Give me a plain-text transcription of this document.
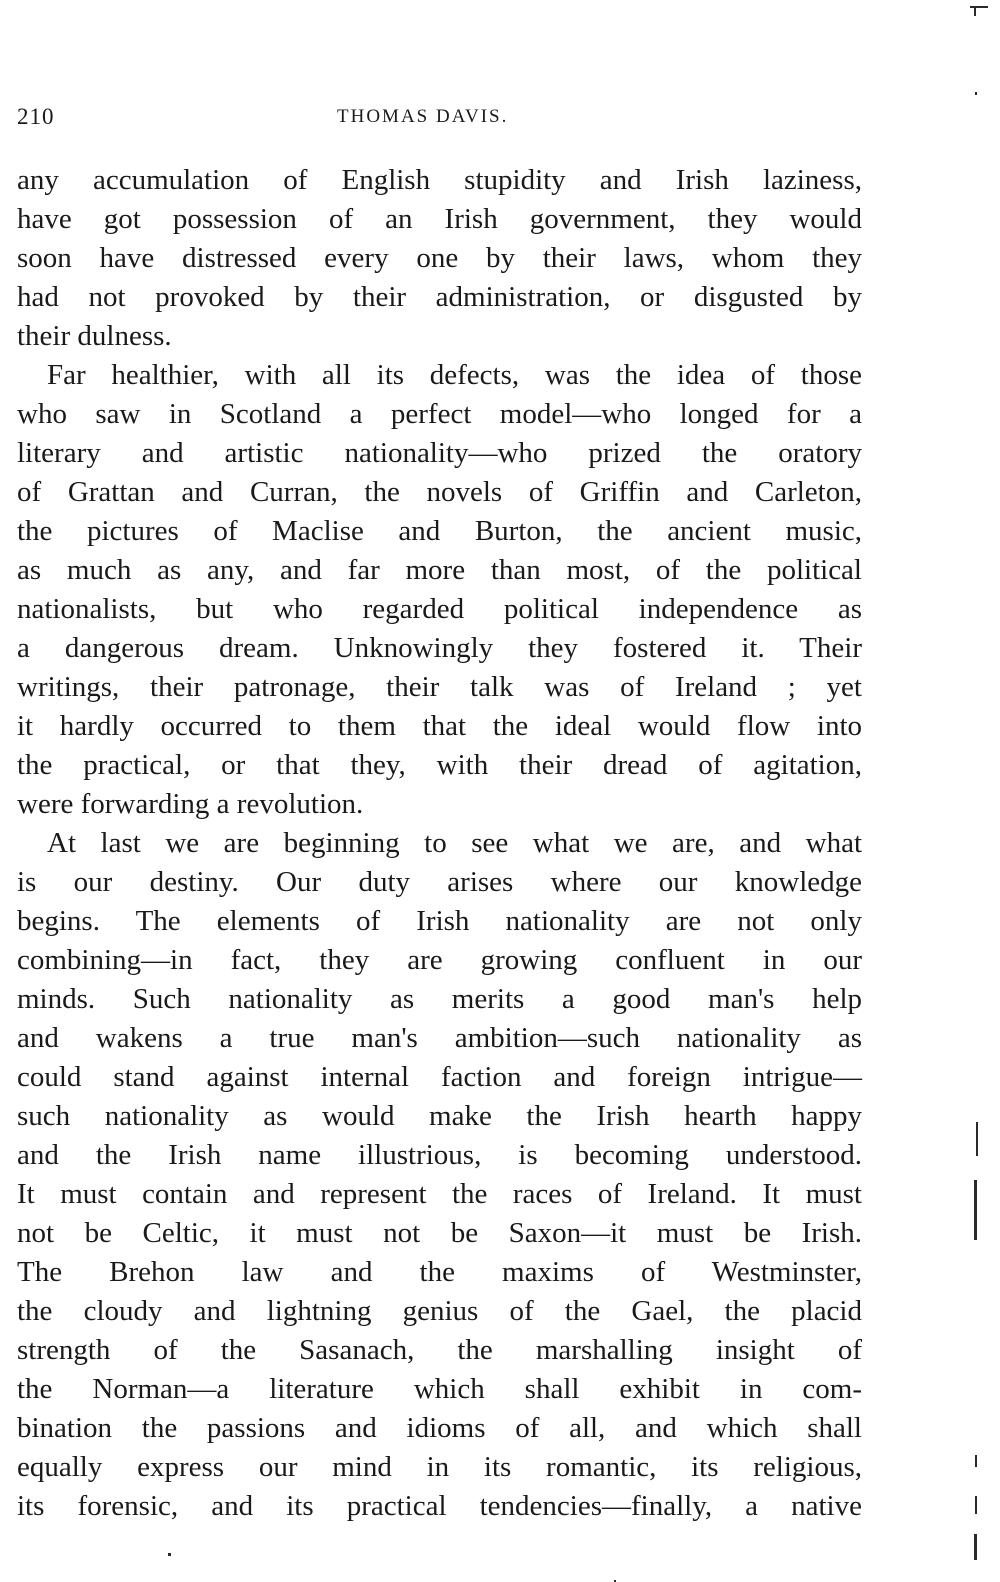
210	THOMAS DAVIS.
any accumulation of English stupidity and Irish laziness,
have got possession of an Irish government, they would
soon have distressed every one by their laws, whom they
had not provoked by their administration, or disgusted by
their dulness.
Far healthier, with all its defects, was the idea of those
who saw in Scotland a perfect model—who longed for a
literary and artistic nationality—who prized the oratory
of Grattan and Curran, the novels of Griffin and Carleton,
the pictures of Maclise and Burton, the ancient music,
as much as any, and far more than most, of the political
nationalists, but who regarded political independence as
a dangerous dream. Unknowingly they fostered it. Their
writings, their patronage, their talk was of Ireland ; yet
it hardly occurred to them that the ideal would flow into
the practical, or that they, with their dread of agitation,
were forwarding a revolution.
At last we are beginning to see what we are, and what
is our destiny. Our duty arises where our knowledge
begins. The elements of Irish nationality are not only
combining—in fact, they are growing confluent in our
minds. Such nationality as merits a good man's help
and wakens a true man's ambition—such nationality as
could stand against internal faction and foreign intrigue—
such nationality as would make the Irish hearth happy
and the Irish name illustrious, is becoming understood.
It must contain and represent the races of Ireland. It must
not be Celtic, it must not be Saxon—it must be Irish.
The Brehon law and the maxims of Westminster,
the cloudy and lightning genius of the Gael, the placid
strength of the Sasanach, the marshalling insight of
the Norman—a literature which shall exhibit in com-
bination the passions and idioms of all, and which shall
equally express our mind in its romantic, its religious,
its forensic, and its practical tendencies—finally, a native
